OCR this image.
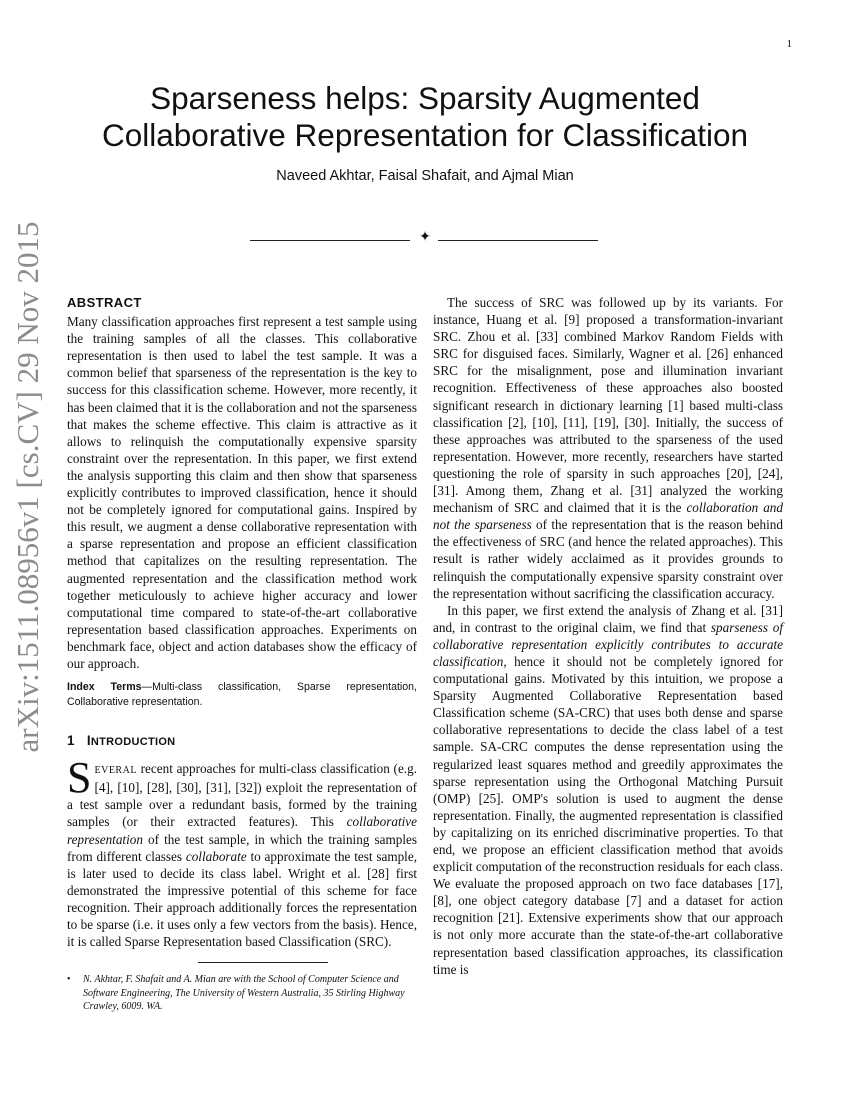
1
Sparseness helps: Sparsity Augmented
Collaborative Representation for Classification
Naveed Akhtar, Faisal Shafait, and Ajmal Mian
✦
arXiv:1511.08956v1 [cs.CV] 29 Nov 2015 ABSTRACT

Many classification approaches first represent a test sample using the training samples of all the classes. This collaborative representation is then used to label the test sample. It was a common belief that sparseness of the representation is the key to success for this classification scheme. However, more recently, it has been claimed that it is the collaboration and not the sparseness that makes the scheme effective. This claim is attractive as it allows to relinquish the computationally expensive sparsity constraint over the representation. In this paper, we first extend the analysis supporting this claim and then show that sparseness explicitly contributes to improved classification, hence it should not be completely ignored for computational gains. Inspired by this result, we augment a dense collaborative representation with a sparse representation and propose an efficient classification method that capitalizes on the resulting representation. The augmented representation and the classification method work together meticulously to achieve higher accuracy and lower computational time compared to state-of-the-art collaborative representation based classification approaches. Experiments on benchmark face, object and action databases show the efficacy of our approach.

Index Terms—Multi-class classification, Sparse representation, Collaborative representation.

1 INTRODUCTION

SEVERAL recent approaches for multi-class classification (e.g. [4], [10], [28], [30], [31], [32]) exploit the representation of a test sample over a redundant basis, formed by the training samples (or their extracted features). This collaborative representation of the test sample, in which the training samples from different classes collaborate to approximate the test sample, is later used to decide its class label. Wright et al. [28] first demonstrated the impressive potential of this scheme for face recognition. Their approach additionally forces the representation to be sparse (i.e. it uses only a few vectors from the basis). Hence, it is called Sparse Representation based Classification (SRC).

• N. Akhtar, F. Shafait and A. Mian are with the School of Computer Science and Software Engineering, The University of Western Australia, 35 Stirling Highway Crawley, 6009. WA.

The success of SRC was followed up by its variants. For instance, Huang et al. [9] proposed a transformation-invariant SRC. Zhou et al. [33] combined Markov Random Fields with SRC for disguised faces. Similarly, Wagner et al. [26] enhanced SRC for the misalignment, pose and illumination invariant recognition. Effectiveness of these approaches also boosted significant research in dictionary learning [1] based multi-class classification [2], [10], [11], [19], [30]. Initially, the success of these approaches was attributed to the sparseness of the used representation. However, more recently, researchers have started questioning the role of sparsity in such approaches [20], [24], [31]. Among them, Zhang et al. [31] analyzed the working mechanism of SRC and claimed that it is the collaboration and not the sparseness of the representation that is the reason behind the effectiveness of SRC (and hence the related approaches). This result is rather widely acclaimed as it provides grounds to relinquish the computationally expensive sparsity constraint over the representation without sacrificing the classification accuracy.

In this paper, we first extend the analysis of Zhang et al. [31] and, in contrast to the original claim, we find that sparseness of collaborative representation explicitly contributes to accurate classification, hence it should not be completely ignored for computational gains. Motivated by this intuition, we propose a Sparsity Augmented Collaborative Representation based Classification scheme (SA-CRC) that uses both dense and sparse collaborative representations to decide the class label of a test sample. SA-CRC computes the dense representation using the regularized least squares method and greedily approximates the sparse representation using the Orthogonal Matching Pursuit (OMP) [25]. OMP's solution is used to augment the dense representation. Finally, the augmented representation is classified by capitalizing on its enriched discriminative properties. To that end, we propose an efficient classification method that avoids explicit computation of the reconstruction residuals for each class. We evaluate the proposed approach on two face databases [17], [8], one object category database [7] and a dataset for action recognition [21]. Extensive experiments show that our approach is not only more accurate than the state-of-the-art collaborative representation based classification approaches, its classification time is
